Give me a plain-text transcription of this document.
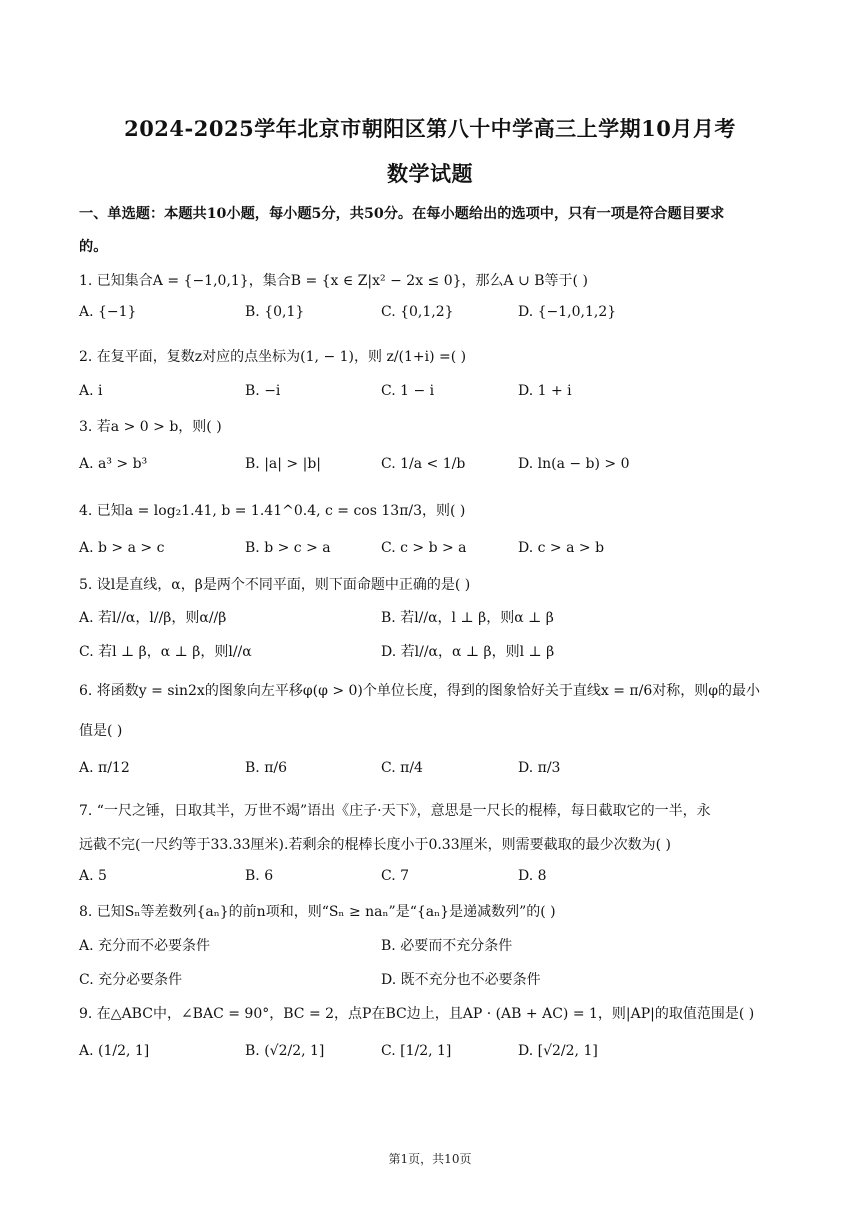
2024-2025学年北京市朝阳区第八十中学高三上学期10月月考
数学试题
一、单选题：本题共10小题，每小题5分，共50分。在每小题给出的选项中，只有一项是符合题目要求
的。
1. 已知集合A = {−1,0,1}，集合B = {x ∈ Z|x² − 2x ≤ 0}，那么A ∪ B等于( )
A. {−1}	B. {0,1}	C. {0,1,2}	D. {−1,0,1,2}
2. 在复平面，复数z对应的点坐标为(1, − 1)，则 z/(1+i) =( )
A. i	B. −i	C. 1 − i	D. 1 + i
3. 若a > 0 > b，则( )
A. a³ > b³	B. |a| > |b|	C. 1/a < 1/b	D. ln(a − b) > 0
4. 已知a = log₂1.41, b = 1.41^0.4, c = cos 13π/3，则( )
A. b > a > c	B. b > c > a	C. c > b > a	D. c > a > b
5. 设l是直线，α，β是两个不同平面，则下面命题中正确的是( )
A. 若l//α，l//β，则α//β	B. 若l//α，l ⊥ β，则α ⊥ β
C. 若l ⊥ β，α ⊥ β，则l//α	D. 若l//α，α ⊥ β，则l ⊥ β
6. 将函数y = sin2x的图象向左平移φ(φ > 0)个单位长度，得到的图象恰好关于直线x = π/6对称，则φ的最小
值是( )
A. π/12	B. π/6	C. π/4	D. π/3
7. “一尺之锤，日取其半，万世不竭”语出《庄子·天下》，意思是一尺长的棍棒，每日截取它的一半，永
远截不完(一尺约等于33.33厘米).若剩余的棍棒长度小于0.33厘米，则需要截取的最少次数为( )
A. 5	B. 6	C. 7	D. 8
8. 已知Sₙ等差数列{aₙ}的前n项和，则“Sₙ ≥ naₙ”是“{aₙ}是递减数列”的( )
A. 充分而不必要条件	B. 必要而不充分条件
C. 充分必要条件	D. 既不充分也不必要条件
9. 在△ABC中，∠BAC = 90°，BC = 2，点P在BC边上，且AP · (AB + AC) = 1，则|AP|的取值范围是( )
A. (1/2, 1]	B. (√2/2, 1]	C. [1/2, 1]	D. [√2/2, 1]
第1页，共10页
